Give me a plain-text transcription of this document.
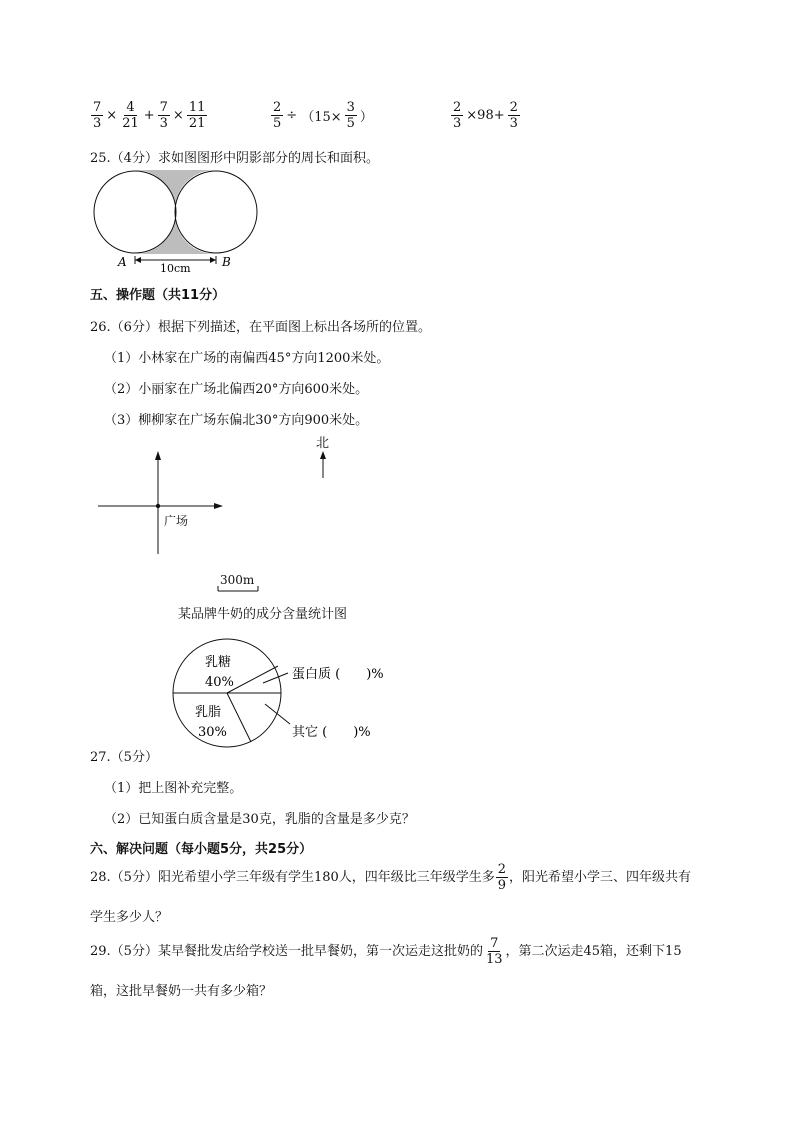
$\frac{7}{3} \times \frac{4}{21} + \frac{7}{3} \times \frac{11}{21}$	$\frac{2}{5} \div (15\times \frac{3}{5}$ ）	$\frac{2}{3} \times 98+ \frac{2}{3}$
25.（4分）求如图图形中阴影部分的周长和面积。
A	B
10cm
五、操作题（共11分）
26.（6分）根据下列描述，在平面图上标出各场所的位置。
（1）小林家在广场的南偏西45°方向1200米处。
（2）小丽家在广场北偏西20°方向600米处。
（3）柳柳家在广场东偏北30°方向900米处。
北
广场
300m
某品牌牛奶的成分含量统计图
乳糖
40%
乳脂
30%
蛋白质 (　　)%
其它 (　　)%
27.（5分）
（1）把上图补充完整。
（2）已知蛋白质含量是30克，乳脂的含量是多少克？
六、解决问题（每小题5分，共25分）
28.（5分）阳光希望小学三年级有学生180人，四年级比三年级学生多 $\frac{2}{9}$ ，阳光希望小学三、四年级共有
学生多少人？
29.（5分）某早餐批发店给学校送一批早餐奶，第一次运走这批奶的 $\frac{7}{13}$ ，第二次运走45箱，还剩下15
箱，这批早餐奶一共有多少箱？
